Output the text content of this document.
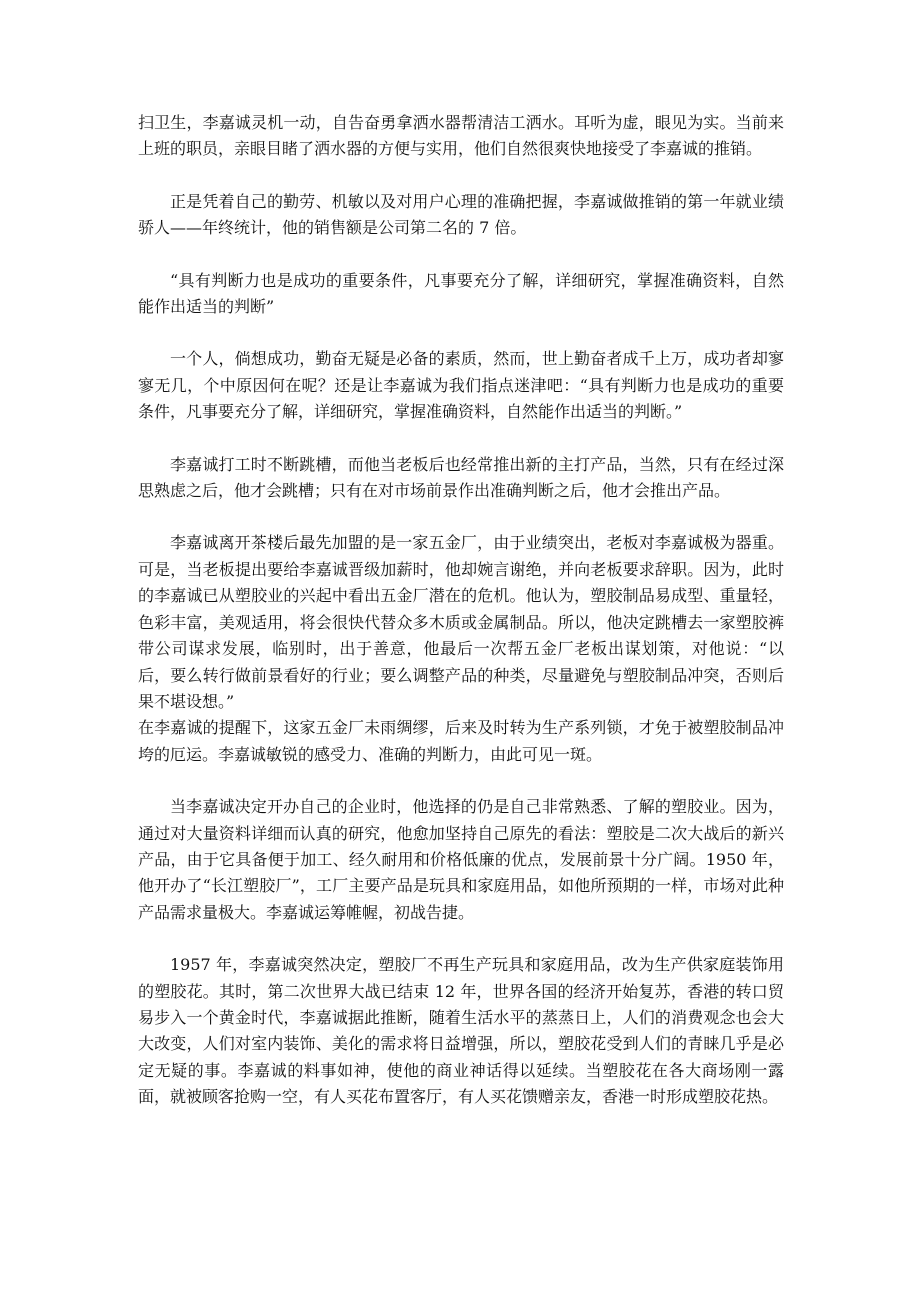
扫卫生，李嘉诚灵机一动，自告奋勇拿洒水器帮清洁工洒水。耳听为虚，眼见为实。当前来上班的职员，亲眼目睹了洒水器的方便与实用，他们自然很爽快地接受了李嘉诚的推销。

正是凭着自己的勤劳、机敏以及对用户心理的准确把握，李嘉诚做推销的第一年就业绩骄人——年终统计，他的销售额是公司第二名的 7 倍。

“具有判断力也是成功的重要条件，凡事要充分了解，详细研究，掌握准确资料，自然能作出适当的判断”

一个人，倘想成功，勤奋无疑是必备的素质，然而，世上勤奋者成千上万，成功者却寥寥无几，个中原因何在呢？还是让李嘉诚为我们指点迷津吧：“具有判断力也是成功的重要条件，凡事要充分了解，详细研究，掌握准确资料，自然能作出适当的判断。”

李嘉诚打工时不断跳槽，而他当老板后也经常推出新的主打产品，当然，只有在经过深思熟虑之后，他才会跳槽；只有在对市场前景作出准确判断之后，他才会推出产品。

李嘉诚离开茶楼后最先加盟的是一家五金厂，由于业绩突出，老板对李嘉诚极为器重。可是，当老板提出要给李嘉诚晋级加薪时，他却婉言谢绝，并向老板要求辞职。因为，此时的李嘉诚已从塑胶业的兴起中看出五金厂潜在的危机。他认为，塑胶制品易成型、重量轻，色彩丰富，美观适用，将会很快代替众多木质或金属制品。所以，他决定跳槽去一家塑胶裤带公司谋求发展，临别时，出于善意，他最后一次帮五金厂老板出谋划策，对他说：“以后，要么转行做前景看好的行业；要么调整产品的种类，尽量避免与塑胶制品冲突，否则后果不堪设想。”

在李嘉诚的提醒下，这家五金厂未雨绸缪，后来及时转为生产系列锁，才免于被塑胶制品冲垮的厄运。李嘉诚敏锐的感受力、准确的判断力，由此可见一斑。

当李嘉诚决定开办自己的企业时，他选择的仍是自己非常熟悉、了解的塑胶业。因为，通过对大量资料详细而认真的研究，他愈加坚持自己原先的看法：塑胶是二次大战后的新兴产品，由于它具备便于加工、经久耐用和价格低廉的优点，发展前景十分广阔。1950 年，他开办了“长江塑胶厂”，工厂主要产品是玩具和家庭用品，如他所预期的一样，市场对此种产品需求量极大。李嘉诚运筹帷幄，初战告捷。

1957 年，李嘉诚突然决定，塑胶厂不再生产玩具和家庭用品，改为生产供家庭装饰用的塑胶花。其时，第二次世界大战已结束 12 年，世界各国的经济开始复苏，香港的转口贸易步入一个黄金时代，李嘉诚据此推断，随着生活水平的蒸蒸日上，人们的消费观念也会大大改变，人们对室内装饰、美化的需求将日益增强，所以，塑胶花受到人们的青睐几乎是必定无疑的事。李嘉诚的料事如神，使他的商业神话得以延续。当塑胶花在各大商场刚一露面，就被顾客抢购一空，有人买花布置客厅，有人买花馈赠亲友，香港一时形成塑胶花热。
